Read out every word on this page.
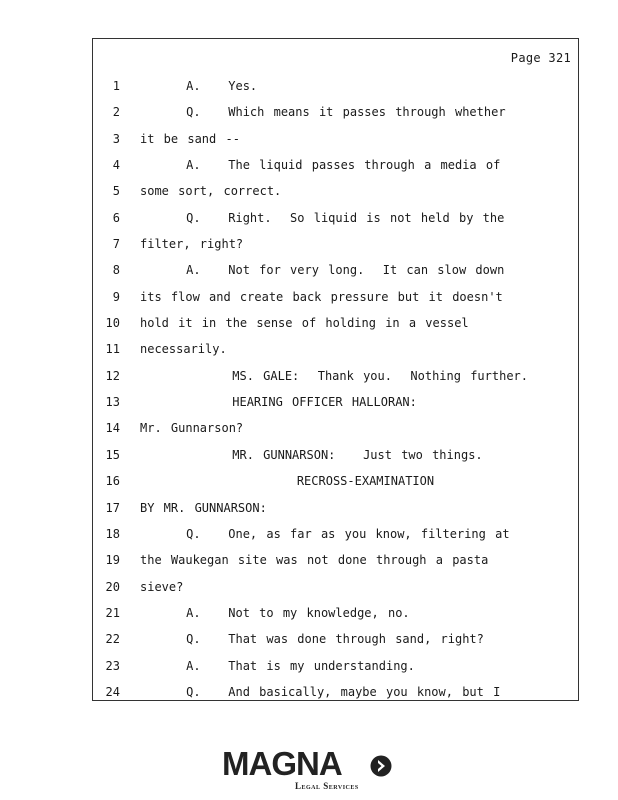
Page 321
1 A.   Yes.
2 Q.   Which means it passes through whether
3 it be sand --
4 A.   The liquid passes through a media of
5 some sort, correct.
6 Q.   Right.  So liquid is not held by the
7 filter, right?
8 A.   Not for very long.  It can slow down
9 its flow and create back pressure but it doesn't
10 hold it in the sense of holding in a vessel
11 necessarily.
12 MS. GALE:  Thank you.  Nothing further.
13 HEARING OFFICER HALLORAN:
14 Mr. Gunnarson?
15 MR. GUNNARSON:   Just two things.
16 RECROSS-EXAMINATION
17 BY MR. GUNNARSON:
18 Q.   One, as far as you know, filtering at
19 the Waukegan site was not done through a pasta
20 sieve?
21 A.   Not to my knowledge, no.
22 Q.   That was done through sand, right?
23 A.   That is my understanding.
24 Q.   And basically, maybe you know, but I
MAGNA
Legal Services
